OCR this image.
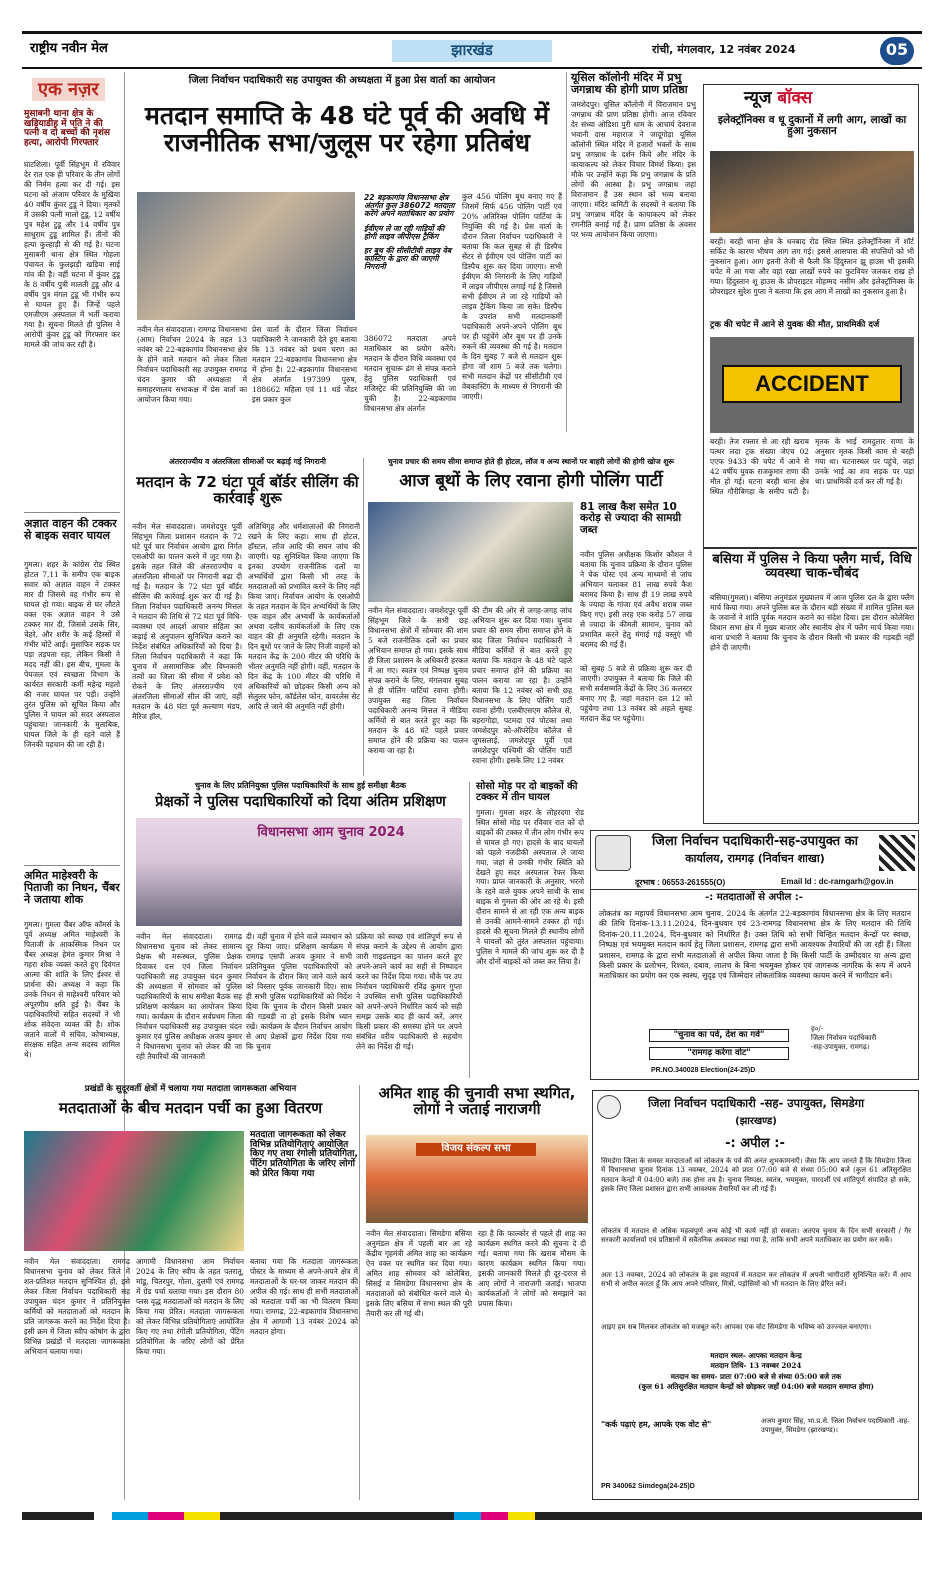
राष्ट्रीय नवीन मेल	झारखंड	रांची, मंगलवार, 12 नवंबर 2024	05
एक नज़र
मुसाबनी थाना क्षेत्र के खड़ियाडीह में पति ने की पत्नी व दो बच्चों की नृशंस हत्या, आरोपी गिरफ्तार
घाटशिला। पूर्वी सिंहभूम में रविवार देर रात एक ही परिवार के तीन लोगों की निर्मम हत्या कर दी गई। इस घटना को अंजाम परिवार के मुखिया 40 वर्षीय कुंवर टुडू ने दिया। मृतकों में उसकी पत्नी मालो टुडू, 12 वर्षीय पुत्र महेश टुडू और 14 वर्षीय पुत्र साधुराम टुडू शामिल हैं। तीनों की हत्या कुल्हाड़ी से की गई है। घटना मुसाबनी थाना क्षेत्र स्थित गोहला पंचायत के फुलझड़ी खड़िया साई गांव की है। वहीं घटना में कुंवर टुडू के 8 वर्षीय पुत्री मालती टुडू और 4 वर्षीय पुत्र मंगल टुडू भी गंभीर रूप से घायल हुए हैं। जिन्हें पहले एमजीएम अस्पताल में भर्ती कराया गया है। सूचना मिलते ही पुलिस ने आरोपी कुंवर टुडू को गिरफ्तार कर मामले की जांच कर रही है।
अज्ञात वाहन की टक्कर से बाइक सवार घायल
गुमला। शहर के कांग्रेस रोड स्थित होटल 7,11 के समीप एक बाइक सवार को अज्ञात वाहन ने टक्कर मार दी जिससे वह गंभीर रूप से घायल हो गया। बाइक से घर लौटते वक्त एक अज्ञात वाहन ने उसे टक्कर मार दी, जिससे उसके सिर, चेहरे, और शरीर के कई हिस्सों में गंभीर चोटें आईं। मुसाफिर सड़क पर पड़ा तड़पता रहा, लेकिन किसी ने मदद नहीं की। इस बीच, गुमला के पेयजल एवं स्वच्छता विभाग के कार्यरत सरकारी कर्मी महेन्द्र महतो की नजर घायल पर पड़ी। उन्होंने तुरंत पुलिस को सूचित किया और पुलिस ने घायल को सदर अस्पताल पहुंचाया। जानकारी के मुताबिक, घायल जिले के ही रहने वाले हैं जिनकी पहचान की जा रही है।
अमित माहेश्वरी के पिताजी का निधन, चैंबर ने जताया शोक
गुमला। गुमला चैंबर ऑफ कॉमर्स के पूर्व अध्यक्ष अमित माहेश्वरी के पिताजी के आकस्मिक निधन पर चैंबर अध्यक्ष हेमंत कुमार मिश्रा ने गहरा शोक व्यक्त करते हुए दिवंगत आत्मा की शांति के लिए ईश्वर से प्रार्थना की। अध्यक्ष ने कहा कि उनके निधन से माहेश्वरी परिवार को अपूरणीय क्षति हुई है। चैंबर के पदाधिकारियों सहित सदस्यों ने भी शोक संवेदना व्यक्त की है। शोक जताने वालों में सचिव, कोषाध्यक्ष, संरक्षक सहित अन्य सदस्य शामिल थे।
जिला निर्वाचन पदाधिकारी सह उपायुक्त की अध्यक्षता में हुआ प्रेस वार्ता का आयोजन
मतदान समाप्ति के 48 घंटे पूर्व की अवधि में राजनीतिक सभा/जुलूस पर रहेगा प्रतिबंध
नवीन मेल संवाददाता। रामगढ़ विधानसभा (आम) निर्वाचन 2024 के तहत 13 नवंबर को 22-बड़कागांव विधानसभा क्षेत्र के होने वाले मतदान को लेकर जिला निर्वाचन पदाधिकारी सह उपायुक्त रामगढ़ चंदन कुमार की अध्यक्षता में समाहरणालय सभाकक्ष में प्रेस वार्ता का आयोजन किया गया।
प्रेस वार्ता के दौरान जिला निर्वाचन पदाधिकारी ने जानकारी देते हुए बताया कि 13 नवंबर को प्रथम चरण का मतदान 22-बड़कागांव विधानसभा क्षेत्र में होना है। 22-बड़कागांव विधानसभा क्षेत्र अंतर्गत 197399 पुरुष, 188662 महिला एवं 11 थर्ड जेंडर इस प्रकार कुल
22 बड़कागांव विधानसभा क्षेत्र अंतर्गत कुल 386072 मतदाता करेंगे अपने मताधिकार का प्रयोग
ईवीएम ले जा रही गाड़ियों की होगी लाइव जीपीएस ट्रैकिंग
हर बूथ की सीसीटीवी लाइव वेब कास्टिंग के द्वारा की जाएगी निगरानी
386072 मतदाता अपने मताधिकार का प्रयोग करेंगे। मतदान के दौरान विधि व्यवस्था एवं मतदान सुचारू ढंग से संपन्न कराने हेतु पुलिस पदाधिकारी एवं मजिस्ट्रेट की प्रतिनियुक्ति की जा चुकी है। 22-बड़कागांव विधानसभा क्षेत्र अंतर्गत
कुल 456 पोलिंग बूथ बनाए गए हैं जिसमें सिर्फ 456 पोलिंग पार्टी एवं 20% अतिरिक्त पोलिंग पार्टियां के नियुक्ति की गई है। प्रेस वार्ता के दौरान जिला निर्वाचन पदाधिकारी ने बताया कि कल सुबह से ही डिस्पैच सेंटर से ईवीएम एवं पोलिंग पार्टी का डिस्पैच शुरू कर दिया जाएगा। सभी ईवीएम की निगरानी के लिए गाड़ियों में लाइव जीपीएस लगाई गई है जिससे सभी ईवीएम ले जा रहे गाड़ियों को लाइव ट्रैकिंग किया जा सके। डिस्पैच के उपरांत सभी मतदानकर्मी पदाधिकारी अपने-अपने पोलिंग बूथ पर ही पहुंचेंगे और बूथ पर ही उनके रुकने की व्यवस्था की गई है। मतदान के दिन सुबह 7 बजे से मतदान शुरू होगा जो शाम 5 बजे तक चलेगा। सभी मतदान केंद्रों पर सीसीटीवी एवं वेबकास्टिंग के माध्यम से निगरानी की जाएगी।
यूसिल कॉलोनी मंदिर में प्रभु जगन्नाथ की होगी प्राण प्रतिष्ठा
जमशेदपुर। यूसिल कॉलोनी में विराजमान प्रभु जगन्नाथ की प्राण प्रतिष्ठा होगी। आज रविवार देर संध्या ओडिशा पुरी धाम के आचार्य देवराज भवानी दास महाराज ने जादूगोड़ा यूसिल कॉलोनी स्थित मंदिर में हजारों भक्तों के साथ प्रभु जगन्नाथ के दर्शन किये और मंदिर के कायाकल्प को लेकर विचार विमर्श किया। इस मौके पर उन्होंने कहा कि प्रभु जगन्नाथ के प्रति लोगों की आस्था है। प्रभु जगन्नाथ जहां विराजमान हैं उस स्थान को भव्य बनाया जाएगा। मंदिर कमिटी के सदस्यों ने बताया कि प्रभु जगन्नाथ मंदिर के कायाकल्प को लेकर रणनीति बनाई गई है। प्राण प्रतिष्ठा के अवसर पर भव्य आयोजन किया जाएगा।
न्यूज बॉक्स
इलेक्ट्रॉनिक्स व धू दुकानों में लगी आग, लाखों का हुआ नुकसान
बरही। बरही थाना क्षेत्र के धनबाद रोड स्थित स्थित इलेक्ट्रॉनिक्स में शॉर्ट सर्किट के कारण भीषण आग लग गई। इससे आसपास की संपत्तियों को भी नुकसान हुआ। आग इतनी तेजी से फैली कि हिंदुस्तान झू हाउस भी इसकी चपेट में आ गया और वहां रखा लाखों रुपये का फुटवियर जलकर राख हो गया। हिंदुस्तान शू हाउस के प्रोपराइटर मोहम्मद नसीम और इलेक्ट्रॉनिक्स के प्रोपराइटर सुरेश गुप्ता ने बताया कि इस आग में लाखों का नुकसान हुआ है।
ट्रक की चपेट में आने से युवक की मौत, प्राथमिकी दर्ज
ACCIDENT
बरही। तेज रफ्तार से आ रही खराब पत्थर लदा ट्रक संख्या जेएच 02 एएफ 9433 की चपेट में आने से 42 वर्षीय युवक राजकुमार राणा की मौत हो गई। घटना बरही थाना क्षेत्र स्थित गौरीबिगहा के समीप घटी है। मृतक के भाई रामदुलार राणा के अनुसार मृतक किसी काम से बरही गया था। घटनास्थल पर पहुंचे, जहां उनके भाई का शव सड़क पर पड़ा था। प्राथमिकी दर्ज कर ली गई है।
बसिया में पुलिस ने किया फ्लैग मार्च, विधि व्यवस्था चाक-चौबंद
बसिया(गुमला)। बसिया अनुमंडल मुख्यालय में आज पुलिस दल के द्वारा फ्लैग मार्च किया गया। अपने पुलिस बल के दौरान बड़ी संख्या में शामिल पुलिस बल के जवानों ने शांति पूर्वक मतदान कराने का संदेश दिया। इस दौरान कोलेबिरा विधान सभा क्षेत्र में मुख्य बाजार और स्थानीय क्षेत्र में फ्लैग मार्च किया गया। थाना प्रभारी ने बताया कि चुनाव के दौरान किसी भी प्रकार की गड़बड़ी नहीं होने दी जाएगी।
अंतरराज्यीय व अंतरजिला सीमाओं पर बढ़ाई गई निगरानी
मतदान के 72 घंटा पूर्व बॉर्डर सीलिंग की कार्रवाई शुरू
नवीन मेल संवाददाता। जमशेदपुर पूर्वी सिंहभूम जिला प्रशासन मतदान के 72 घंटे पूर्व चार निर्वाचन आयोग द्वारा निर्गत एसओपी का पालन करने में जुट गया है। इसके तहत जिले की अंतरराज्यीय व अंतरजिला सीमाओं पर निगरानी बढ़ा दी गई है। मतदान के 72 घंटा पूर्व बॉर्डर सीलिंग की कार्रवाई शुरू कर दी गई है। जिला निर्वाचन पदाधिकारी अनन्य मित्तल ने मतदान की तिथि से 72 घंटा पूर्व विधि-व्यवस्था एवं आदर्श आचार संहिता का कड़ाई से अनुपालन सुनिश्चित कराने का निर्देश संबंधित अधिकारियों को दिया है। जिला निर्वाचन पदाधिकारी ने कहा कि चुनाव में असामाजिक और विघ्नकारी तत्वों का जिला की सीमा में प्रवेश को रोकने के लिए अंतरराज्यीय एवं अंतरजिला सीमाओं सील की जाएं, वहीं मतदान के 48 घंटा पूर्व कल्याण मंडप, मैरिज हॉल,
अतिथिगृह और धर्मशालाओं की निगरानी रखने के लिए कहा। साथ ही होटल, हॉस्टल, लॉज आदि की सघन जांच की जाएगी। यह सुनिश्चित किया जाएगा कि इनका उपयोग राजनीतिक दलों या अभ्यर्थियों द्वारा किसी भी तरह के मतदाताओं को प्रभावित करने के लिए नहीं किया जाए। निर्वाचन आयोग के एसओपी के तहत मतदान के दिन अभ्यर्थियों के लिए एक वाहन और अभ्यर्थी के कार्यकर्ताओं अथवा दलीय कार्यकर्ताओं के लिए एक वाहन की ही अनुमति रहेगी। मतदान के दिन बूथों पर जाने के लिए निजी वाहनों को मतदान केंद्र के 200 मीटर की परिधि के भीतर अनुमति नहीं होगी। वहीं, मतदान के दिन केंद्र के 100 मीटर की परिधि में अधिकारियों को छोड़कर किसी अन्य को सेलुलर फोन, कॉर्डलेस फोन, वायरलेस सेट आदि ले जाने की अनुमति नहीं होगी।
चुनाव प्रचार की समय सीमा समाप्त होते ही होटल, लॉज व अन्य स्थानों पर बाहरी लोगों की होगी खोज शुरू
आज बूथों के लिए रवाना होगी पोलिंग पार्टी
नवीन मेल संवाददाता। जमशेदपुर पूर्वी सिंहभूम जिले के सभी छह विधानसभा क्षेत्रों में सोमवार की शाम 5 बजे राजनीतिक दलों का प्रचार अभियान समाप्त हो गया। इसके साथ ही जिला प्रशासन के अधिकारी हरकत में आ गए। स्वतंत्र एवं निष्पक्ष चुनाव संपन्न कराने के लिए, मंगलवार सुबह से ही पोलिंग पार्टियां रवाना होंगी। उपायुक्त सह जिला निर्वाचन पदाधिकारी अनन्य मित्तल ने मीडिया कर्मियों से बात करते हुए कहा कि मतदान के 48 घंटे पहले प्रचार समाप्त होने की प्रक्रिया का पालन कराया जा रहा है।
की टीम की ओर से जगह-जगह जांच अभियान शुरू कर दिया गया। चुनाव प्रचार की समय सीमा समाप्त होने के बाद जिला निर्वाचन पदाधिकारी ने मीडिया कर्मियों से बात करते हुए बताया कि मतदान के 48 घंटे पहले प्रचार समाप्त होने की प्रक्रिया का पालन कराया जा रहा है। उन्होंने बताया कि 12 नवंबर को सभी छह विधानसभा के लिए पोलिंग पार्टी रवाना होंगी। एलबीएसएम कॉलेज से, बहरागोड़ा, पटमदा एवं पोटका तथा जमशेदपुर को-ऑपरेटिव कॉलेज से जुगसलाई, जमशेदपुर पूर्वी एवं जमशेदपुर पश्चिमी की पोलिंग पार्टी रवाना होंगी। इसके लिए 12 नवंबर
81 लाख कैश समेत 10 करोड़ से ज्यादा की सामग्री जब्त
नवीन पुलिस अधीक्षक किशोर कौशल ने बताया कि चुनाव प्रक्रिया के दौरान पुलिस ने चेक पोस्ट एवं अन्य माध्यमों से जांच अभियान चलाकर 81 लाख रुपये कैश बरामद किया है। साथ ही 19 लाख रुपये के ज्यादा के गांजा एवं अवैध शराब जब्त किए गए। इसी तरह एक करोड़ 57 लाख से ज्यादा के कीमती सामान, चुनाव को प्रभावित करने हेतु मंगाई गई वस्तुएं भी बरामद की गई हैं।
को सुबह 5 बजे से प्रक्रिया शुरू कर दी जाएगी। उपायुक्त ने बताया कि जिले की सभी सर्वसम्मति केंद्रों के लिए 36 कलस्टर बनाए गए हैं, जहां मतदान दल 12 को पहुंचेगा तथा 13 नवंबर को अहले सुबह मतदान केंद्र पर पहुंचेगा।
चुनाव के लिए प्रतिनियुक्त पुलिस पदाधिकारियों के साथ हुई समीक्षा बैठक
प्रेक्षकों ने पुलिस पदाधिकारियों को दिया अंतिम प्रशिक्षण
विधानसभा आम चुनाव 2024
नवीन मेल संवाददाता। रामगढ़ विधानसभा चुनाव को लेकर सामान्य प्रेक्षक श्री मरूस्थल, पुलिस प्रेक्षक दिवाकर दत्त एवं जिला निर्वाचन पदाधिकारी सह उपायुक्त चंदन कुमार की अध्यक्षता में सोमवार को पुलिस पदाधिकारियों के साथ समीक्षा बैठक सह प्रशिक्षण कार्यक्रम का आयोजन किया गया। कार्यक्रम के दौरान सर्वप्रथम जिला निर्वाचन पदाधिकारी सह उपायुक्त चंदन कुमार एवं पुलिस अधीक्षक अजय कुमार ने विधानसभा चुनाव को लेकर की जा रही तैयारियों की जानकारी
दी। वहीं चुनाव में होने वाले व्यवधान को दूर किया जाए। प्रशिक्षण कार्यक्रम में रामगढ़ एसपी अजय कुमार ने सभी प्रतिनियुक्त पुलिस पदाधिकारियों को निर्वाचन के दौरान किए जाने वाले कार्य को विस्तार पूर्वक जानकारी दिए। साथ ही सभी पुलिस पदाधिकारियों को निर्देश दिया कि चुनाव के दौरान किसी प्रकार की गड़बड़ी ना हो इसके विशेष ध्यान रखें। कार्यक्रम के दौरान निर्वाचन आयोग से आए प्रेक्षकों द्वारा निर्देश दिया गया कि चुनाव
प्रक्रिया को स्वच्छ एवं शांतिपूर्ण रूप से संपन्न कराने के उद्देश्य से आयोग द्वारा जारी गाइडलाइन का पालन करते हुए अपने-अपने कार्य का सही से निष्पादन करने का निर्देश दिया गया। मौके पर उप निर्वाचन पदाधिकारी रविंद्र कुमार गुप्ता ने उपस्थित सभी पुलिस पदाधिकारियों को अपने-अपने निर्धारित कार्य को सही समझ उसके बाद ही कार्य करें, अगर किसी प्रकार की समस्या होने पर अपने संबंधित वरीय पदाधिकारी से सहयोग लेने का निर्देश दी गई।
सोसो मोड़ पर दो बाइकों की टक्कर में तीन घायल
गुमला। गुमला शहर के लोहरदगा रोड स्थित सोसो मोड़ पर रविवार रात को दो बाइकों की टक्कर में तीन लोग गंभीर रूप से घायल हो गए। हादसे के बाद घायलों को पहले नजदीकी अस्पताल ले जाया गया, जहां से उनकी गंभीर स्थिति को देखते हुए सदर अस्पताल रेफर किया गया। प्राप्त जानकारी के अनुसार, भरनो के रहने वाले युवक अपने साथी के साथ बाइक से गुमला की ओर आ रहे थे। इसी दौरान सामने से आ रही एक अन्य बाइक से उनकी आमने-सामने टक्कर हो गई। हादसे की सूचना मिलते ही स्थानीय लोगों ने घायलों को तुरंत अस्पताल पहुंचाया। पुलिस ने मामले की जांच शुरू कर दी है और दोनों बाइकों को जब्त कर लिया है।
जिला निर्वाचन पदाधिकारी-सह-उपायुक्त का
कार्यालय, रामगढ़ (निर्वाचन शाखा)
दूरभाष : 06553-261555(O)	Email Id : dc-ramgarh@gov.in
-: मतदाताओं से अपील :-
लोकतंत्र का महापर्व विधानसभा आम चुनाव, 2024 के अंतर्गत 22-बड़कागांव विधानसभा क्षेत्र के लिए मतदान की तिथि दिनांक-13.11.2024, दिन-बुधवार एवं 23-रामगढ़ विधानसभा क्षेत्र के लिए मतदान की तिथि दिनांक-20.11.2024, दिन-बुधवार को निर्धारित है। उक्त तिथि को सभी चिन्हित मतदान केन्द्रों पर स्वच्छ, निष्पक्ष एवं भयमुक्त मतदान कार्य हेतु जिला प्रशासन, रामगढ़ द्वारा सभी आवश्यक तैयारियाँ की जा रही हैं। जिला प्रशासन, रामगढ़ के द्वारा सभी मतदाताओं से अपील किया जाता है कि किसी पार्टी के उम्मीदवार या अन्य द्वारा किसी प्रकार के प्रलोभन, रिश्वत, दबाव, लालच के बिना भयमुक्त होकर एवं जागरूक नागरिक के रूप में अपने मताधिकार का प्रयोग कर एक स्वस्थ, सुदृढ़ एवं जिम्मेदार लोकतांत्रिक व्यवस्था कायम करने में भागीदार बनें।
"चुनाव का पर्व, देश का गर्व"
"रामगढ़ करेगा वोट"
ह०/-
जिला निर्वाचन पदाधिकारी
-सह-उपायुक्त, रामगढ़।
PR.NO.340028 Election(24-25)D
प्रखंडों के सुदूरवर्ती क्षेत्रों में चलाया गया मतदाता जागरूकता अभियान
मतदाताओं के बीच मतदान पर्ची का हुआ वितरण
मतदाता जागरूकता को लेकर विभिन्न प्रतियोगिताएं आयोजित किए गए तथा रंगोली प्रतियोगिता, पेंटिंग प्रतियोगिता के जरिए लोगों को प्रेरित किया गया
नवीन मेल संवाददाता। रामगढ़ विधानसभा चुनाव को लेकर जिले में शत-प्रतिशत मतदान सुनिश्चित हो, इसे लेकर जिला निर्वाचन पदाधिकारी सह उपायुक्त चंदन कुमार ने प्रतिनियुक्त कर्मियों को मतदाताओं को मतदान के प्रति जागरूक करने का निर्देश दिया है। इसी क्रम में जिला स्वीप कोषांग के द्वारा विभिन्न प्रखंडों में मतदाता जागरूकता अभियान चलाया गया।
आगामी विधानसभा आम निर्वाचन 2024 के लिए स्वीप के तहत पतरातू, मांडू, चितरपुर, गोला, दुलमी एवं रामगढ़ में ग्रेड पर्चा चलाया गया। इस दौरान 80 प्लस वृद्ध मतदाताओं को मतदान के लिए किया गया प्रेरित। मतदाता जागरूकता को लेकर विभिन्न प्रतियोगिताएं आयोजित किए गए तथा रंगोली प्रतियोगिता, पेंटिंग प्रतियोगिता के जरिए लोगों को प्रेरित किया गया।
बताया गया कि मतदाता जागरूकता पोस्टर के माध्यम से अपने-अपने क्षेत्र में मतदाताओं के घर-घर जाकर मतदान की अपील की गई। साथ ही सभी मतदाताओं को मतदाता पर्ची का भी वितरण किया गया। रामगढ़, 22-बड़कागांव विधानसभा क्षेत्र में आगामी 13 नवंबर 2024 को मतदान होगा।
अमित शाह की चुनावी सभा स्थगित, लोगों ने जताई नाराजगी
विजय संकल्प सभा
नवीन मेल संवाददाता। सिमडेगा बसिया अनुमंडल क्षेत्र में पहली बार आ रहे केंद्रीय गृहमंत्री अमित शाह का कार्यक्रम ऐन वक्त पर स्थगित कर दिया गया। अमित शाह सोमवार को कोलेबिरा, सिसई व सिमडेगा विधानसभा क्षेत्र के मतदाताओं को संबोधित करने वाले थे। इसके लिए बसिया में सभा स्थल की पूरी तैयारी कर ली गई थी।
रहा है कि फाल्कोर से पहले ही शाह का कार्यक्रम स्थगित करने की सूचना दे दी गई। बताया गया कि खराब मौसम के कारण कार्यक्रम स्थगित किया गया। इसकी जानकारी मिलते ही दूर-दराज से आए लोगों ने नाराजगी जताई। भाजपा कार्यकर्ताओं ने लोगों को समझाने का प्रयास किया।
जिला निर्वाचन पदाधिकारी -सह- उपायुक्त, सिमडेगा
(झारखण्ड)
-: अपील :-
सिमडेगा जिला के समस्त मतदाताओं को लोकतंत्र के पर्व की अनंत शुभकामनाएँ। जैसा कि आप जानते हैं कि सिमडेगा जिला में विधानसभा चुनाव दिनांक 13 नवम्बर, 2024 को प्रातः 07:00 बजे से संध्या 05:00 बजे (कुल 61 अतिसुरक्षित मतदान केन्द्रों में 04:00 बजे) तक होना तय है। चुनाव निष्पक्ष, स्वतंत्र, भयमुक्त, पारदर्शी एवं शांतिपूर्ण संपादित हो सके, इसके लिए जिला प्रशासन द्वारा सभी आवश्यक तैयारियाँ कर ली गई हैं।
लोकतंत्र में मतदान से अधिक महत्वपूर्ण अन्य कोई भी कार्य नहीं हो सकता। अतएव चुनाव के दिन सभी सरकारी / गैर सरकारी कार्यालयों एवं प्रतिष्ठानों में सवैतनिक अवकाश रखा गया है, ताकि सभी अपने मताधिकार का प्रयोग कर सकें।
अतः 13 नवम्बर, 2024 को लोकतंत्र के इस महापर्व में मतदान कर लोकतंत्र में अपनी भागीदारी सुनिश्चित करें। मैं आप सभी से अपील करता हूँ कि आप अपने परिवार, मित्रों, पड़ोसियों को भी मतदान के लिए प्रेरित करें।
आइए हम सब मिलकर लोकतंत्र को मजबूत करें। आपका एक वोट सिमडेगा के भविष्य को उज्ज्वल बनाएगा।
मतदान स्थल- आपका मतदान केन्द्र
मतदान तिथि- 13 नवम्बर 2024
मतदान का समय- प्रातः 07:00 बजे से संध्या 05:00 बजे तक
(कुल 61 अतिसुरक्षित मतदान केन्द्रों को छोड़कर जहाँ 04:00 बजे मतदान समाप्त होगा)
"कर्क पढ़ाएं हम, आपके एक वोट से"	अजय कुमार सिंह, भा.प्र.से. जिला निर्वाचन पदाधिकारी -सह- उपायुक्त, सिमडेगा (झारखण्ड)।
PR 340062 Simdega(24-25)D
